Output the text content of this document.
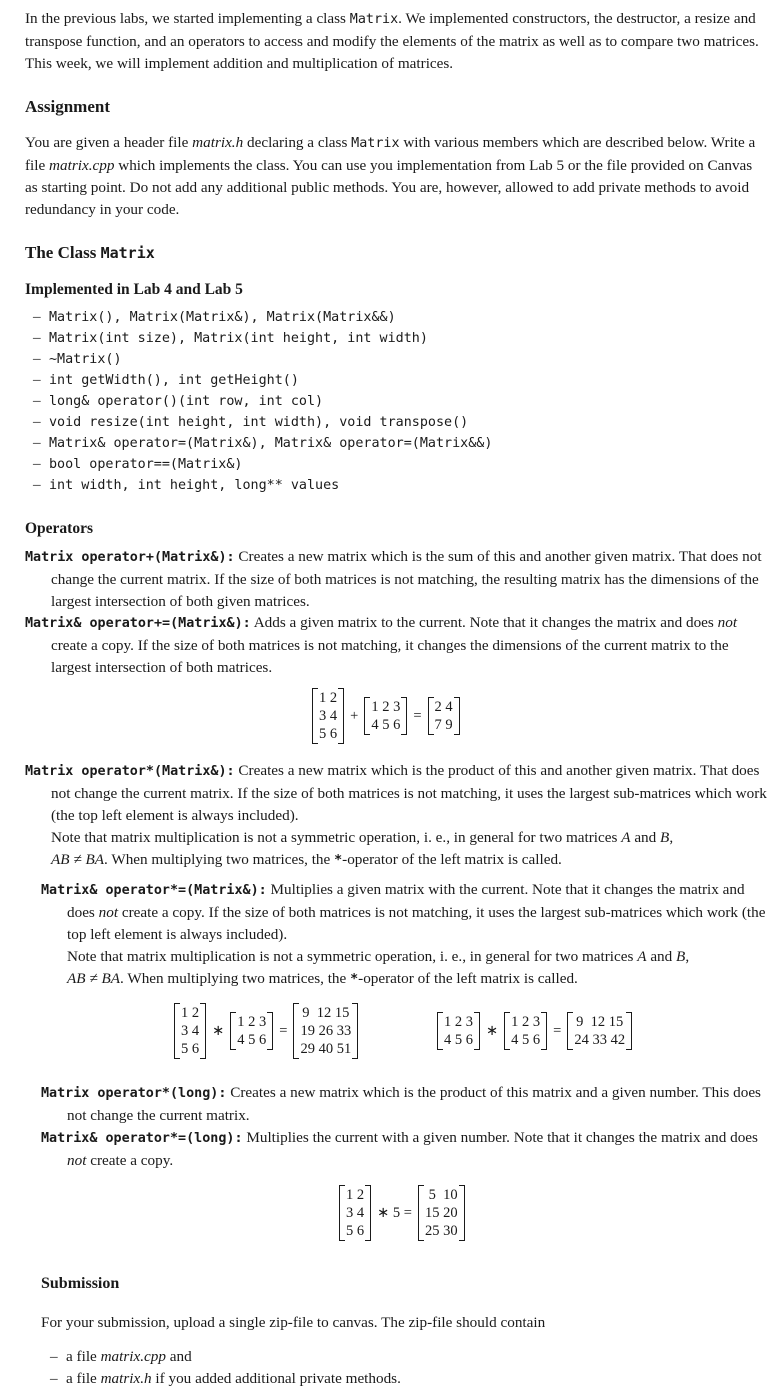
In the previous labs, we started implementing a class Matrix. We implemented constructors, the destructor, a resize and transpose function, and an operators to access and modify the elements of the matrix as well as to compare two matrices. This week, we will implement addition and multiplication of matrices.

Assignment

You are given a header file matrix.h declaring a class Matrix with various members which are described below. Write a file matrix.cpp which implements the class. You can use you implementation from Lab 5 or the file provided on Canvas as starting point. Do not add any additional public methods. You are, however, allowed to add private methods to avoid redundancy in your code.

The Class Matrix
Implemented in Lab 4 and Lab 5
– Matrix(), Matrix(Matrix&), Matrix(Matrix&&)
– Matrix(int size), Matrix(int height, int width)
– ~Matrix()
– int getWidth(), int getHeight()
– long& operator()(int row, int col)
– void resize(int height, int width), void transpose()
– Matrix& operator=(Matrix&), Matrix& operator=(Matrix&&)
– bool operator==(Matrix&)
– int width, int height, long** values
Operators

Matrix operator+(Matrix&): Creates a new matrix which is the sum of this and another given matrix. That does not change the current matrix. If the size of both matrices is not matching, the resulting matrix has the dimensions of the largest intersection of both given matrices.

Matrix& operator+=(Matrix&): Adds a given matrix to the current. Note that it changes the matrix and does not create a copy. If the size of both matrices is not matching, it changes the dimensions of the current matrix to the largest intersection of both matrices.

1 2
3 4
5 6
+
1 2 3
4 5 6
=
2 4
7 9

Matrix operator*(Matrix&): Creates a new matrix which is the product of this and another given matrix. That does not change the current matrix. If the size of both matrices is not matching, it uses the largest sub-matrices which work (the top left element is always included).

Note that matrix multiplication is not a symmetric operation, i. e., in general for two matrices A and B,
AB ≠ BA. When multiplying two matrices, the *-operator of the left matrix is called.

Matrix& operator*=(Matrix&): Multiplies a given matrix with the current. Note that it changes the matrix and does not create a copy. If the size of both matrices is not matching, it uses the largest sub-matrices which work (the top left element is always included).

Note that matrix multiplication is not a symmetric operation, i. e., in general for two matrices A and B,
AB ≠ BA. When multiplying two matrices, the *-operator of the left matrix is called.

1 2
3 4
5 6
∗
1 2 3
4 5 6
=
9  12 15
19 26 33
29 40 51
1 2 3
4 5 6
∗
1 2 3
4 5 6
=
9  12 15
24 33 42

Matrix operator*(long): Creates a new matrix which is the product of this matrix and a given number. This does not change the current matrix.

Matrix& operator*=(long): Multiplies the current with a given number. Note that it changes the matrix and does not create a copy.

1 2
3 4
5 6
∗ 5 =
5  10
15 20
25 30
Submission

For your submission, upload a single zip-file to canvas. The zip-file should contain

– a file matrix.cpp and
– a file matrix.h if you added additional private methods.
